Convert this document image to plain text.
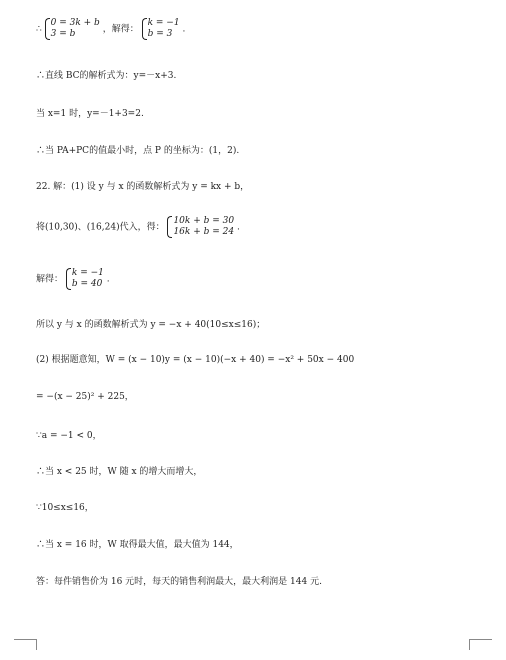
∴
0 = 3k + b
3 = b	，解得：
k = −1
b = 3	.
∴直线 BC的解析式为：y=－x+3.
当 x=1 时，y=－1+3=2.
∴当 PA+PC的值最小时，点 P 的坐标为：(1，2).
22. 解：(1) 设 y 与 x 的函数解析式为 y = kx + b，
将(10,30)、(16,24)代入，得：
10k + b = 30
16k + b = 24 .
解得：
k = −1
b = 40 .
所以 y 与 x 的函数解析式为 y = −x + 40(10≤x≤16)；
(2) 根据题意知，W = (x − 10)y = (x − 10)(−x + 40) = −x² + 50x − 400
= −(x − 25)² + 225，
∵a = −1 < 0，
∴当 x < 25 时，W 随 x 的增大而增大，
∵10≤x≤16，
∴当 x = 16 时，W 取得最大值，最大值为 144，
答：每件销售价为 16 元时，每天的销售利润最大，最大利润是 144 元.
